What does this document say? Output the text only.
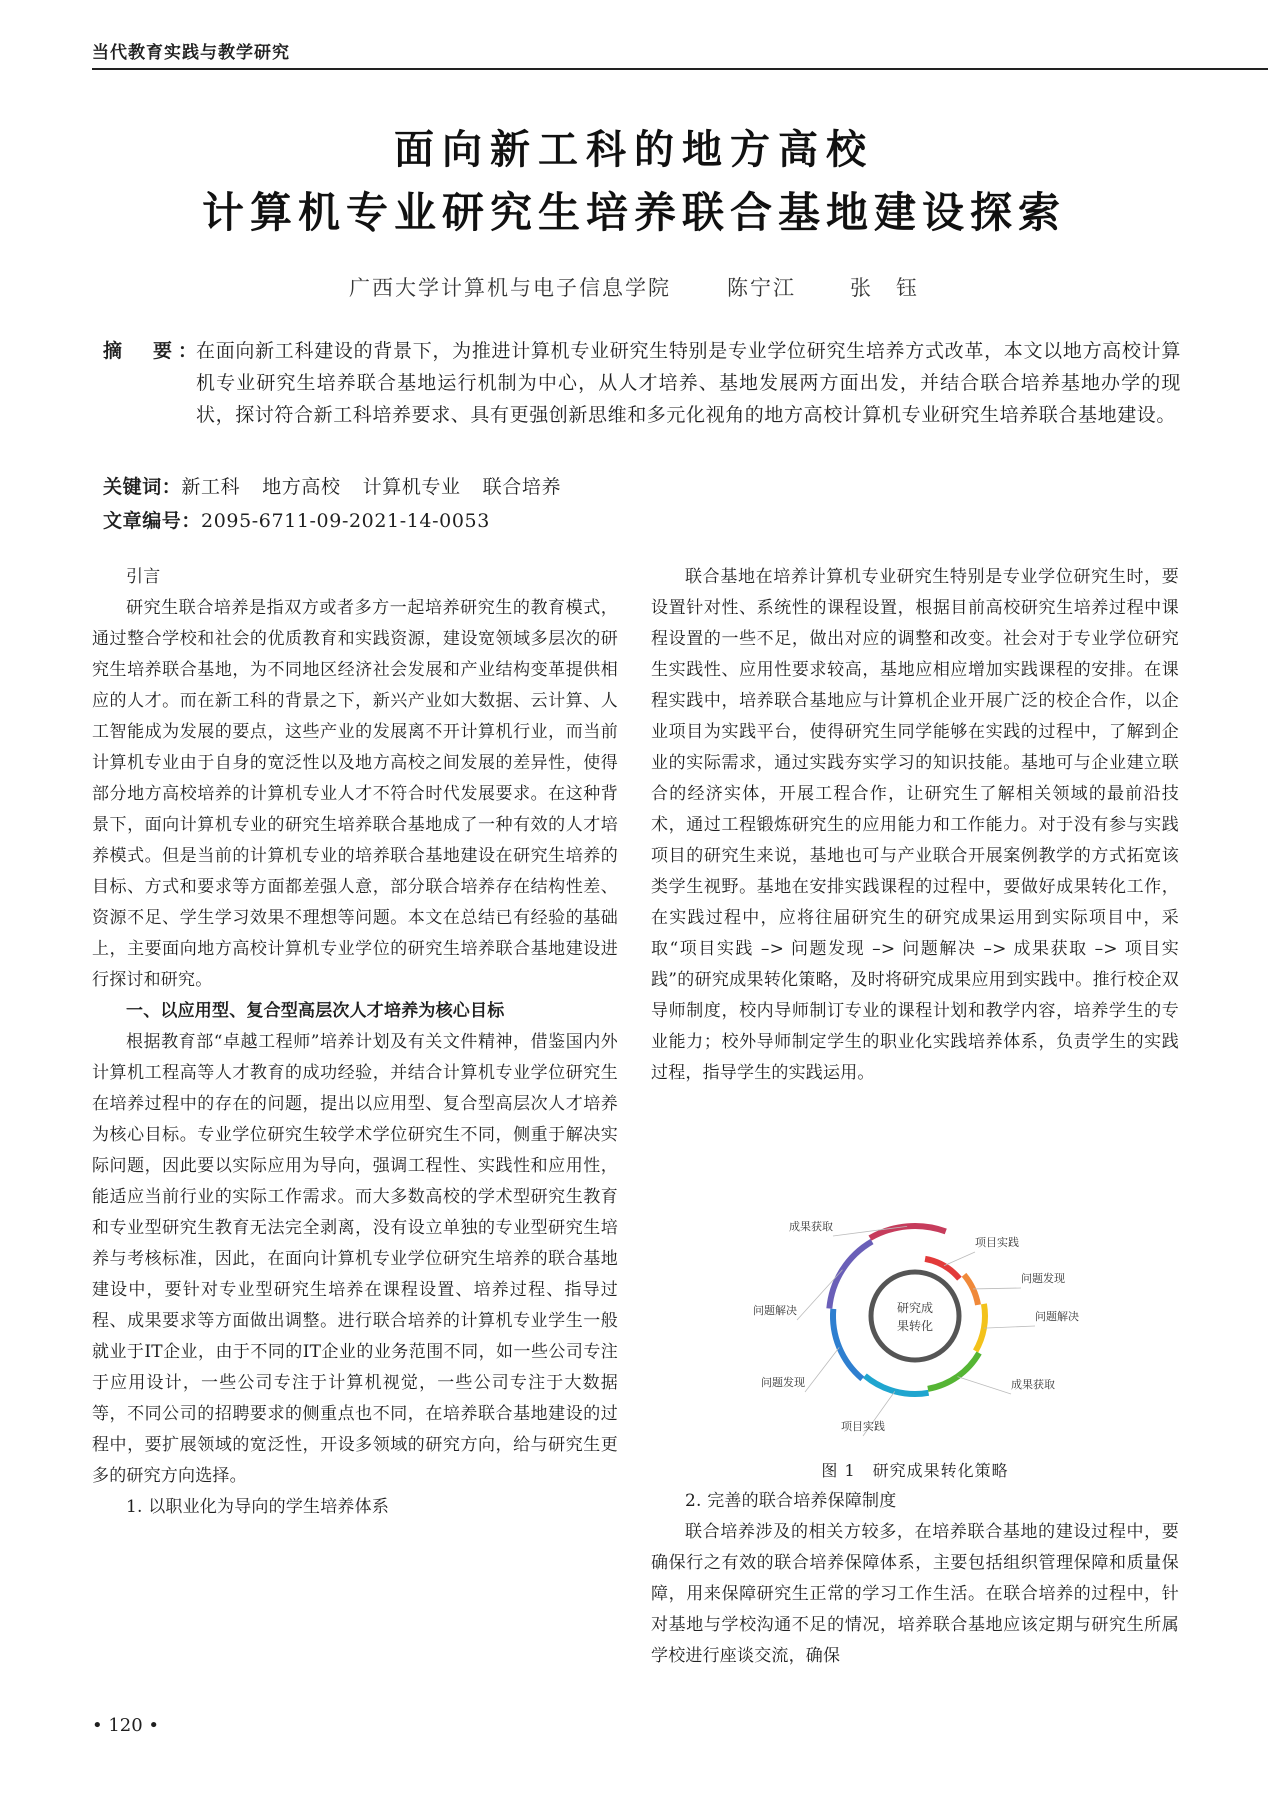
当代教育实践与教学研究
面向新工科的地方高校
计算机专业研究生培养联合基地建设探索
广西大学计算机与电子信息学院	陈宁江	张　钰
摘　要：
在面向新工科建设的背景下，为推进计算机专业研究生特别是专业学位研究生培养方式改革，本文以地方高校计算机专业研究生培养联合基地运行机制为中心，从人才培养、基地发展两方面出发，并结合联合培养基地办学的现状，探讨符合新工科培养要求、具有更强创新思维和多元化视角的地方高校计算机专业研究生培养联合基地建设。
关键词：新工科 地方高校 计算机专业 联合培养
文章编号：2095-6711-09-2021-14-0053

引言

研究生联合培养是指双方或者多方一起培养研究生的教育模式，通过整合学校和社会的优质教育和实践资源，建设宽领域多层次的研究生培养联合基地，为不同地区经济社会发展和产业结构变革提供相应的人才。而在新工科的背景之下，新兴产业如大数据、云计算、人工智能成为发展的要点，这些产业的发展离不开计算机行业，而当前计算机专业由于自身的宽泛性以及地方高校之间发展的差异性，使得部分地方高校培养的计算机专业人才不符合时代发展要求。在这种背景下，面向计算机专业的研究生培养联合基地成了一种有效的人才培养模式。但是当前的计算机专业的培养联合基地建设在研究生培养的目标、方式和要求等方面都差强人意，部分联合培养存在结构性差、资源不足、学生学习效果不理想等问题。本文在总结已有经验的基础上，主要面向地方高校计算机专业学位的研究生培养联合基地建设进行探讨和研究。

一、以应用型、复合型高层次人才培养为核心目标

根据教育部“卓越工程师”培养计划及有关文件精神，借鉴国内外计算机工程高等人才教育的成功经验，并结合计算机专业学位研究生在培养过程中的存在的问题，提出以应用型、复合型高层次人才培养为核心目标。专业学位研究生较学术学位研究生不同，侧重于解决实际问题，因此要以实际应用为导向，强调工程性、实践性和应用性，能适应当前行业的实际工作需求。而大多数高校的学术型研究生教育和专业型研究生教育无法完全剥离，没有设立单独的专业型研究生培养与考核标准，因此，在面向计算机专业学位研究生培养的联合基地建设中，要针对专业型研究生培养在课程设置、培养过程、指导过程、成果要求等方面做出调整。进行联合培养的计算机专业学生一般就业于IT企业，由于不同的IT企业的业务范围不同，如一些公司专注于应用设计，一些公司专注于计算机视觉，一些公司专注于大数据等，不同公司的招聘要求的侧重点也不同，在培养联合基地建设的过程中，要扩展领域的宽泛性，开设多领域的研究方向，给与研究生更多的研究方向选择。

1. 以职业化为导向的学生培养体系

联合基地在培养计算机专业研究生特别是专业学位研究生时，要设置针对性、系统性的课程设置，根据目前高校研究生培养过程中课程设置的一些不足，做出对应的调整和改变。社会对于专业学位研究生实践性、应用性要求较高，基地应相应增加实践课程的安排。在课程实践中，培养联合基地应与计算机企业开展广泛的校企合作，以企业项目为实践平台，使得研究生同学能够在实践的过程中，了解到企业的实际需求，通过实践夯实学习的知识技能。基地可与企业建立联合的经济实体，开展工程合作，让研究生了解相关领域的最前沿技术，通过工程锻炼研究生的应用能力和工作能力。对于没有参与实践项目的研究生来说，基地也可与产业联合开展案例教学的方式拓宽该类学生视野。基地在安排实践课程的过程中，要做好成果转化工作，在实践过程中，应将往届研究生的研究成果运用到实际项目中，采取“项目实践 –> 问题发现 –> 问题解决 –> 成果获取 –> 项目实践”的研究成果转化策略，及时将研究成果应用到实践中。推行校企双导师制度，校内导师制订专业的课程计划和教学内容，培养学生的专业能力；校外导师制定学生的职业化实践培养体系，负责学生的实践过程，指导学生的实践运用。

研究成
果转化
项目实践
问题发现
问题解决
成果获取
项目实践
问题发现
问题解决
成果获取
图 1　研究成果转化策略

2. 完善的联合培养保障制度

联合培养涉及的相关方较多，在培养联合基地的建设过程中，要确保行之有效的联合培养保障体系，主要包括组织管理保障和质量保障，用来保障研究生正常的学习工作生活。在联合培养的过程中，针对基地与学校沟通不足的情况，培养联合基地应该定期与研究生所属学校进行座谈交流，确保

• 120 •
